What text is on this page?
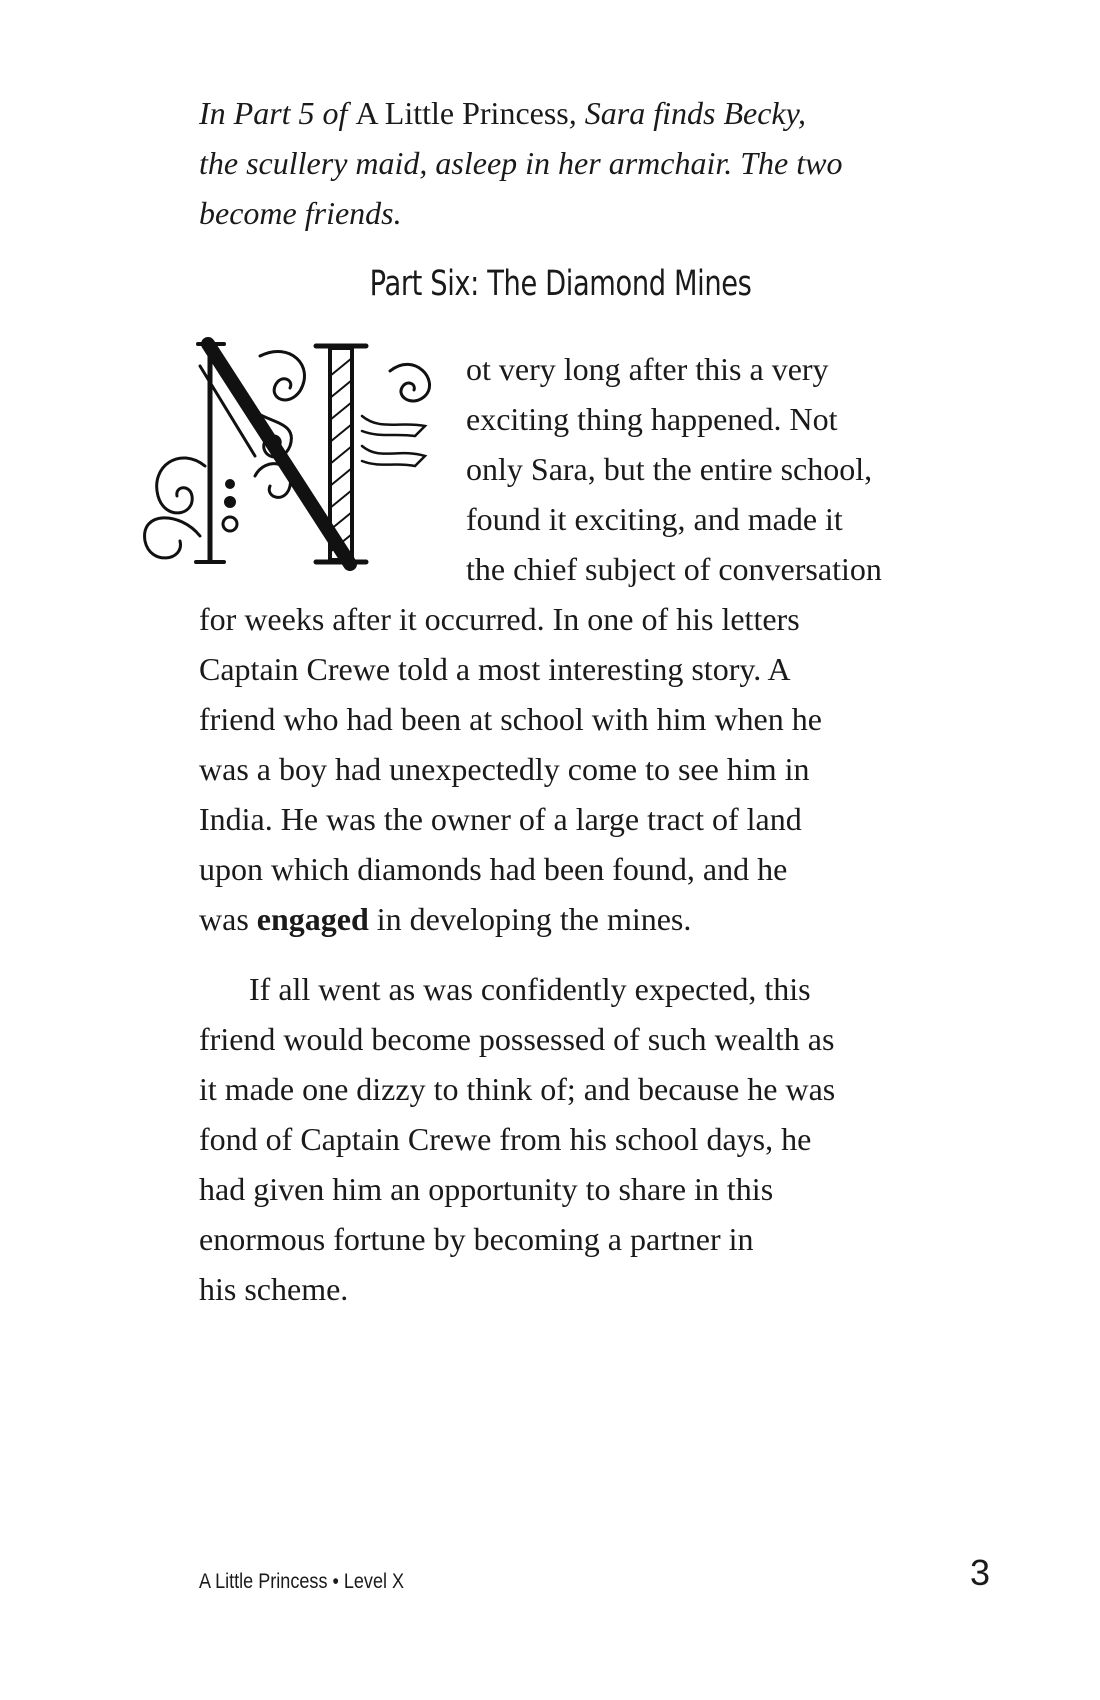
In Part 5 of A Little Princess, Sara finds Becky,
the scullery maid, asleep in her armchair. The two
become friends.

Part Six: The Diamond Mines
ot very long after this a very
exciting thing happened. Not
only Sara, but the entire school,
found it exciting, and made it
the chief subject of conversation
for weeks after it occurred. In one of his letters
Captain Crewe told a most interesting story. A
friend who had been at school with him when he
was a boy had unexpectedly come to see him in
India. He was the owner of a large tract of land
upon which diamonds had been found, and he
was engaged in developing the mines.
If all went as was confidently expected, this
friend would become possessed of such wealth as
it made one dizzy to think of; and because he was
fond of Captain Crewe from his school days, he
had given him an opportunity to share in this
enormous fortune by becoming a partner in
his scheme.
A Little Princess • Level X	3
